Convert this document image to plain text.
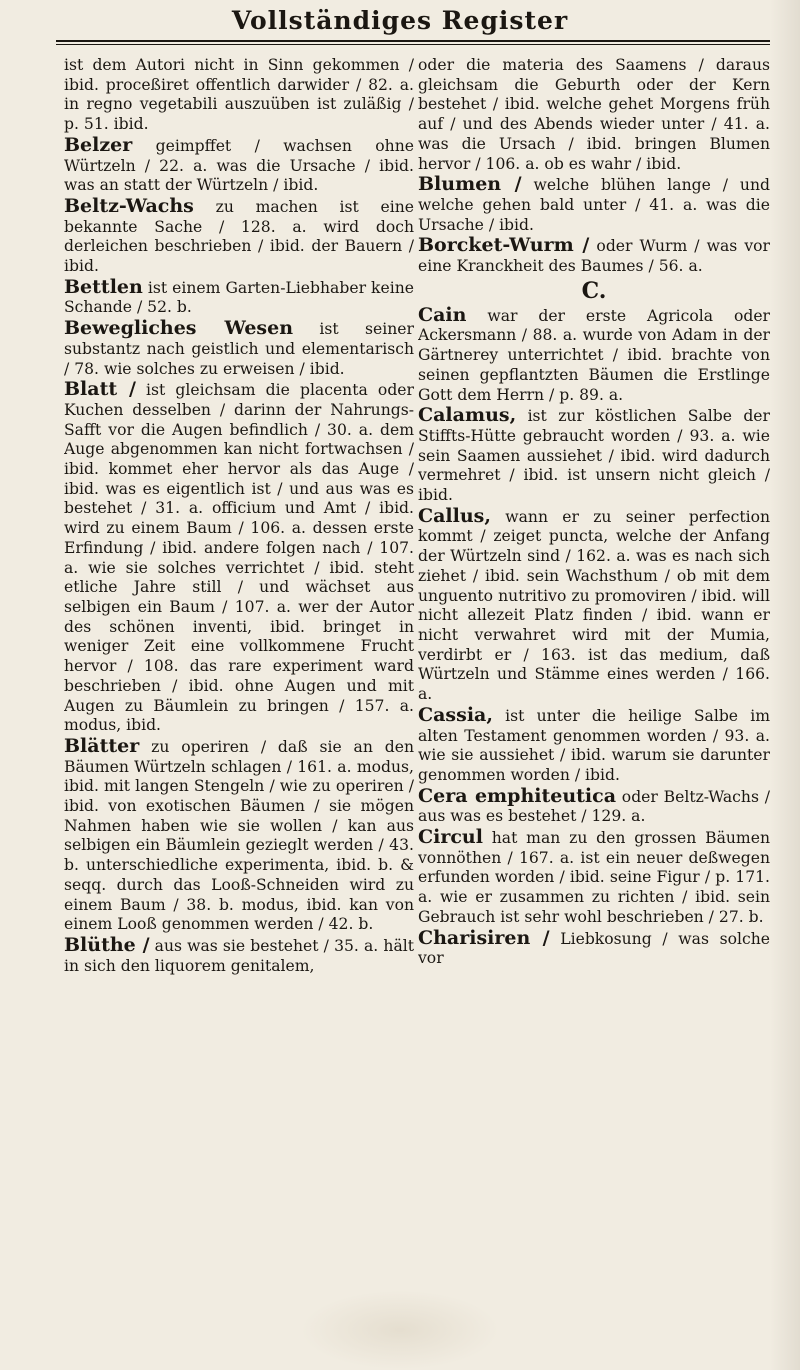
Vollständiges Register
ist dem Autori nicht in Sinn gekommen / ibid. proceßiret offentlich darwider / 82. a. in regno vegetabili auszuüben ist zuläßig / p. 51. ibid.
Belzer geimpffet / wachsen ohne Würtzeln / 22. a. was die Ursache / ibid. was an statt der Würtzeln / ibid.
Beltz-Wachs zu machen ist eine bekannte Sache / 128. a. wird doch derleichen beschrieben / ibid. der Bauern / ibid.
Bettlen ist einem Garten-Liebhaber keine Schande / 52. b.
Bewegliches Wesen ist seiner substantz nach geistlich und elementarisch / 78. wie solches zu erweisen / ibid.
Blatt / ist gleichsam die placenta oder Kuchen desselben / darinn der Nahrungs-Safft vor die Augen befindlich / 30. a. dem Auge abgenommen kan nicht fortwachsen / ibid. kommet eher hervor als das Auge / ibid. was es eigentlich ist / und aus was es bestehet / 31. a. officium und Amt / ibid. wird zu einem Baum / 106. a. dessen erste Erfindung / ibid. andere folgen nach / 107. a. wie sie solches verrichtet / ibid. steht etliche Jahre still / und wächset aus selbigen ein Baum / 107. a. wer der Autor des schönen inventi, ibid. bringet in weniger Zeit eine vollkommene Frucht hervor / 108. das rare experiment ward beschrieben / ibid. ohne Augen und mit Augen zu Bäumlein zu bringen / 157. a. modus, ibid.
Blätter zu operiren / daß sie an den Bäumen Würtzeln schlagen / 161. a. modus, ibid. mit langen Stengeln / wie zu operiren / ibid. von exotischen Bäumen / sie mögen Nahmen haben wie sie wollen / kan aus selbigen ein Bäumlein gezieglt werden / 43. b. unterschiedliche experimenta, ibid. b. & seqq. durch das Looß-Schneiden wird zu einem Baum / 38. b. modus, ibid. kan von einem Looß genommen werden / 42. b.
Blüthe / aus was sie bestehet / 35. a. hält in sich den liquorem genitalem,
oder die materia des Saamens / daraus gleichsam die Geburth oder der Kern bestehet / ibid. welche gehet Morgens früh auf / und des Abends wieder unter / 41. a. was die Ursach / ibid. bringen Blumen hervor / 106. a. ob es wahr / ibid.
Blumen / welche blühen lange / und welche gehen bald unter / 41. a. was die Ursache / ibid.
Borcket-Wurm / oder Wurm / was vor eine Kranckheit des Baumes / 56. a.
C.
Cain war der erste Agricola oder Ackersmann / 88. a. wurde von Adam in der Gärtnerey unterrichtet / ibid. brachte von seinen gepflantzten Bäumen die Erstlinge Gott dem Herrn / p. 89. a.
Calamus, ist zur köstlichen Salbe der Stiffts-Hütte gebraucht worden / 93. a. wie sein Saamen aussiehet / ibid. wird dadurch vermehret / ibid. ist unsern nicht gleich / ibid.
Callus, wann er zu seiner perfection kommt / zeiget puncta, welche der Anfang der Würtzeln sind / 162. a. was es nach sich ziehet / ibid. sein Wachsthum / ob mit dem unguento nutritivo zu promoviren / ibid. will nicht allezeit Platz finden / ibid. wann er nicht verwahret wird mit der Mumia, verdirbt er / 163. ist das medium, daß Würtzeln und Stämme eines werden / 166. a.
Cassia, ist unter die heilige Salbe im alten Testament genommen worden / 93. a. wie sie aussiehet / ibid. warum sie darunter genommen worden / ibid.
Cera emphiteutica oder Beltz-Wachs / aus was es bestehet / 129. a.
Circul hat man zu den grossen Bäumen vonnöthen / 167. a. ist ein neuer deßwegen erfunden worden / ibid. seine Figur / p. 171. a. wie er zusammen zu richten / ibid. sein Gebrauch ist sehr wohl beschrieben / 27. b.
Charisiren / Liebkosung / was solche vor
